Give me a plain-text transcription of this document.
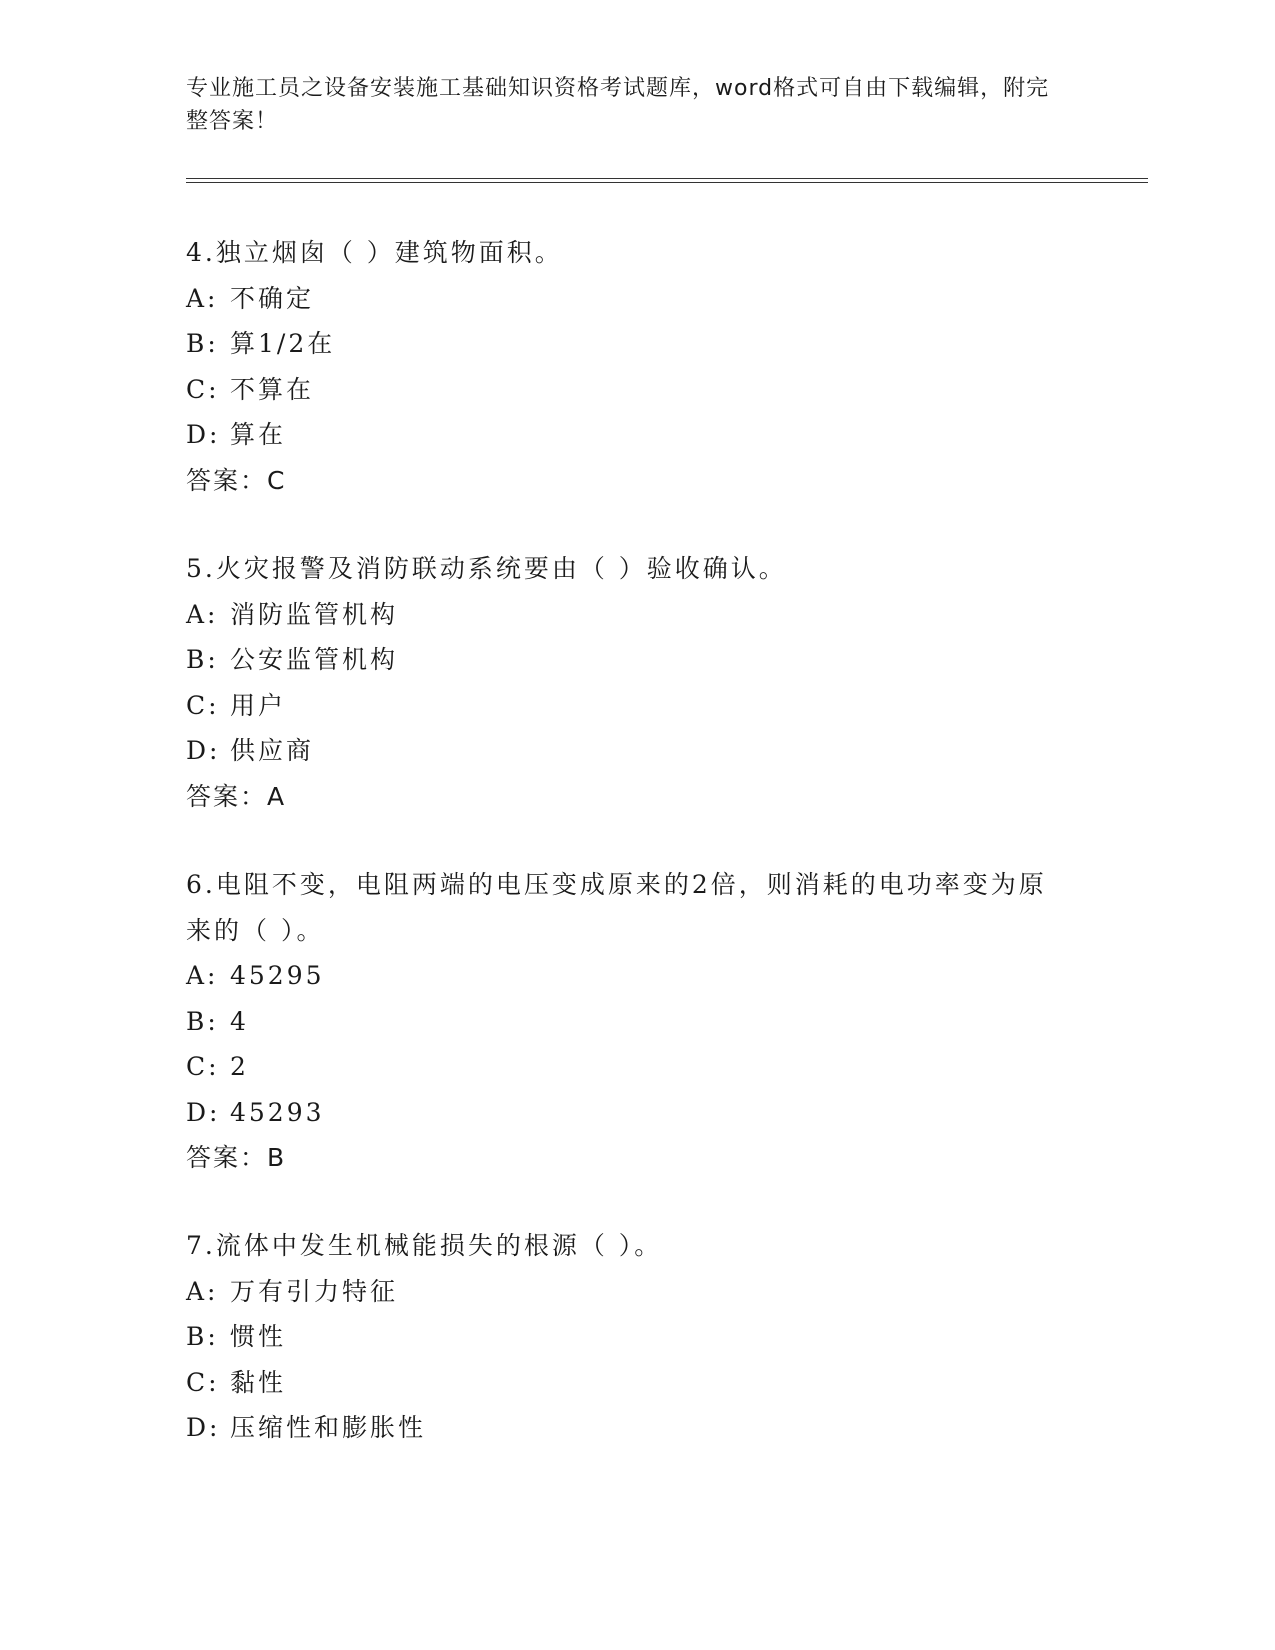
专业施工员之设备安装施工基础知识资格考试题库，word格式可自由下载编辑，附完整答案！
4.独立烟囱（ ）建筑物面积。
A: 不确定
B: 算1/2在
C: 不算在
D: 算在
答案：C
5.火灾报警及消防联动系统要由（ ）验收确认。
A: 消防监管机构
B: 公安监管机构
C: 用户
D: 供应商
答案：A
6.电阻不变，电阻两端的电压变成原来的2倍，则消耗的电功率变为原来的（ ）。
A: 45295
B: 4
C: 2
D: 45293
答案：B
7.流体中发生机械能损失的根源（ ）。
A: 万有引力特征
B: 惯性
C: 黏性
D: 压缩性和膨胀性
